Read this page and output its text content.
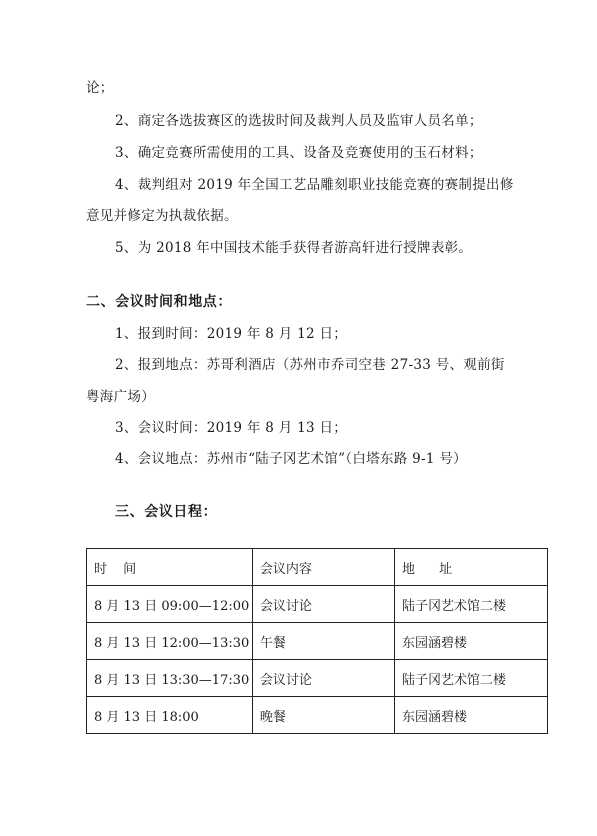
论；
2、商定各选拔赛区的选拔时间及裁判人员及监审人员名单；
3、确定竞赛所需使用的工具、设备及竞赛使用的玉石材料；
4、裁判组对 2019 年全国工艺品雕刻职业技能竞赛的赛制提出修
意见并修定为执裁依据。
5、为 2018 年中国技术能手获得者游高轩进行授牌表彰。
二、会议时间和地点：
1、报到时间：2019 年 8 月 12 日；
2、报到地点：苏哥利酒店（苏州市乔司空巷 27-33 号、观前街
粤海广场）
3、会议时间：2019 年 8 月 13 日；
4、会议地点：苏州市“陆子冈艺术馆”（白塔东路 9-1 号）
三、会议日程：
时 间	会议内容	地 址
8 月 13 日 09:00—12:00	会议讨论	陆子冈艺术馆二楼
8 月 13 日 12:00—13:30	午餐	东园涵碧楼
8 月 13 日 13:30—17:30	会议讨论	陆子冈艺术馆二楼
8 月 13 日 18:00	晚餐	东园涵碧楼
